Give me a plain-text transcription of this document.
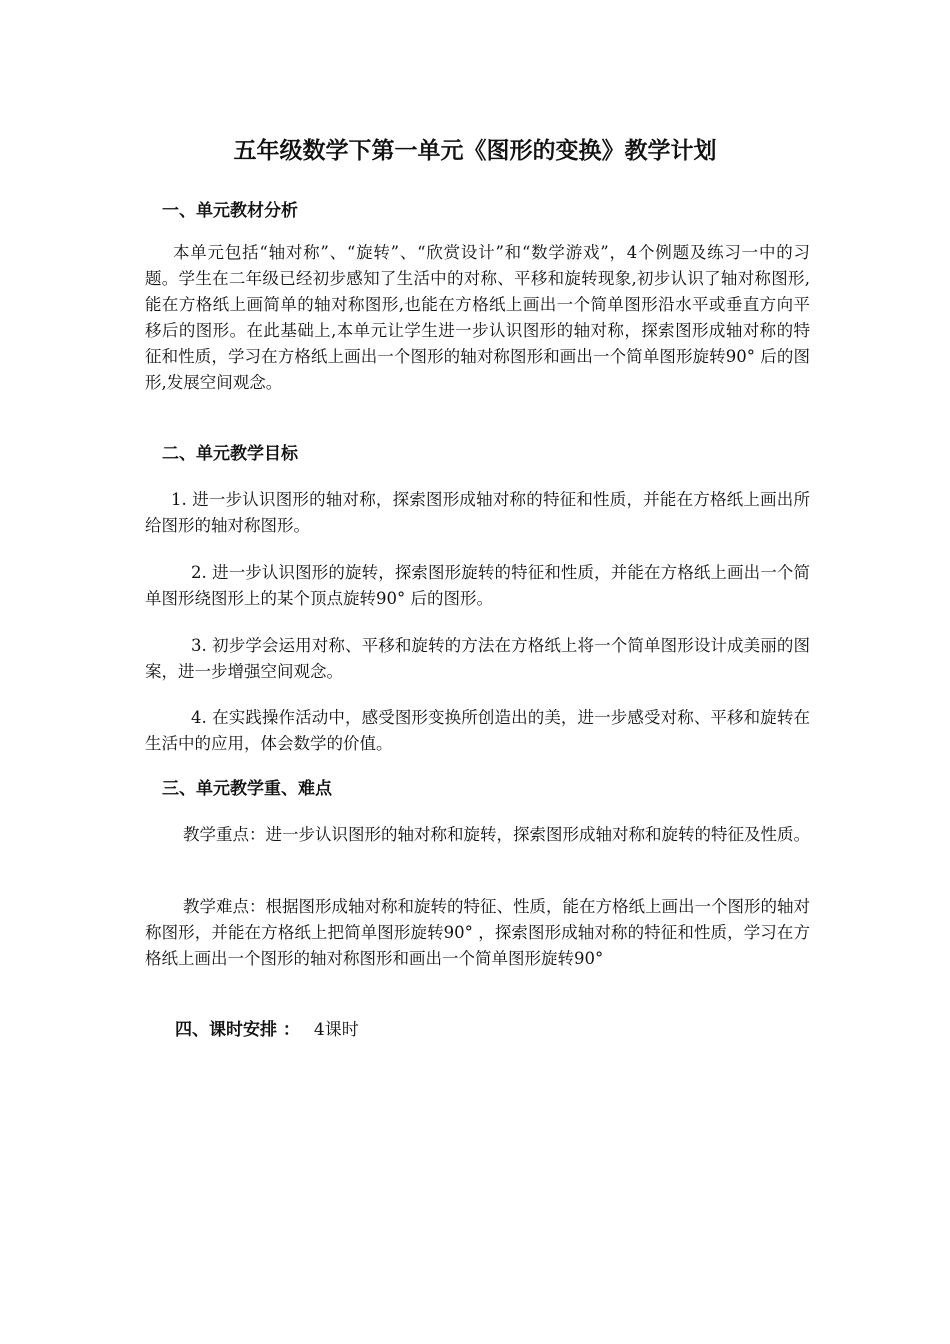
五年级数学下第一单元《图形的变换》教学计划
一、单元教材分析
本单元包括“轴对称”、“旋转”、“欣赏设计”和“数学游戏”，4个例题及练习一中的习题。学生在二年级已经初步感知了生活中的对称、平移和旋转现象,初步认识了轴对称图形,能在方格纸上画简单的轴对称图形,也能在方格纸上画出一个简单图形沿水平或垂直方向平移后的图形。在此基础上,本单元让学生进一步认识图形的轴对称，探索图形成轴对称的特征和性质，学习在方格纸上画出一个图形的轴对称图形和画出一个简单图形旋转90° 后的图形,发展空间观念。
二、单元教学目标
1. 进一步认识图形的轴对称，探索图形成轴对称的特征和性质，并能在方格纸上画出所给图形的轴对称图形。
2. 进一步认识图形的旋转，探索图形旋转的特征和性质，并能在方格纸上画出一个简单图形绕图形上的某个顶点旋转90° 后的图形。
3. 初步学会运用对称、平移和旋转的方法在方格纸上将一个简单图形设计成美丽的图案，进一步增强空间观念。
4. 在实践操作活动中，感受图形变换所创造出的美，进一步感受对称、平移和旋转在生活中的应用，体会数学的价值。
三、单元教学重、难点
教学重点：进一步认识图形的轴对称和旋转，探索图形成轴对称和旋转的特征及性质。
教学难点：根据图形成轴对称和旋转的特征、性质，能在方格纸上画出一个图形的轴对称图形，并能在方格纸上把简单图形旋转90° ，探索图形成轴对称的特征和性质，学习在方格纸上画出一个图形的轴对称图形和画出一个简单图形旋转90°
四、课时安排 ： 4课时
